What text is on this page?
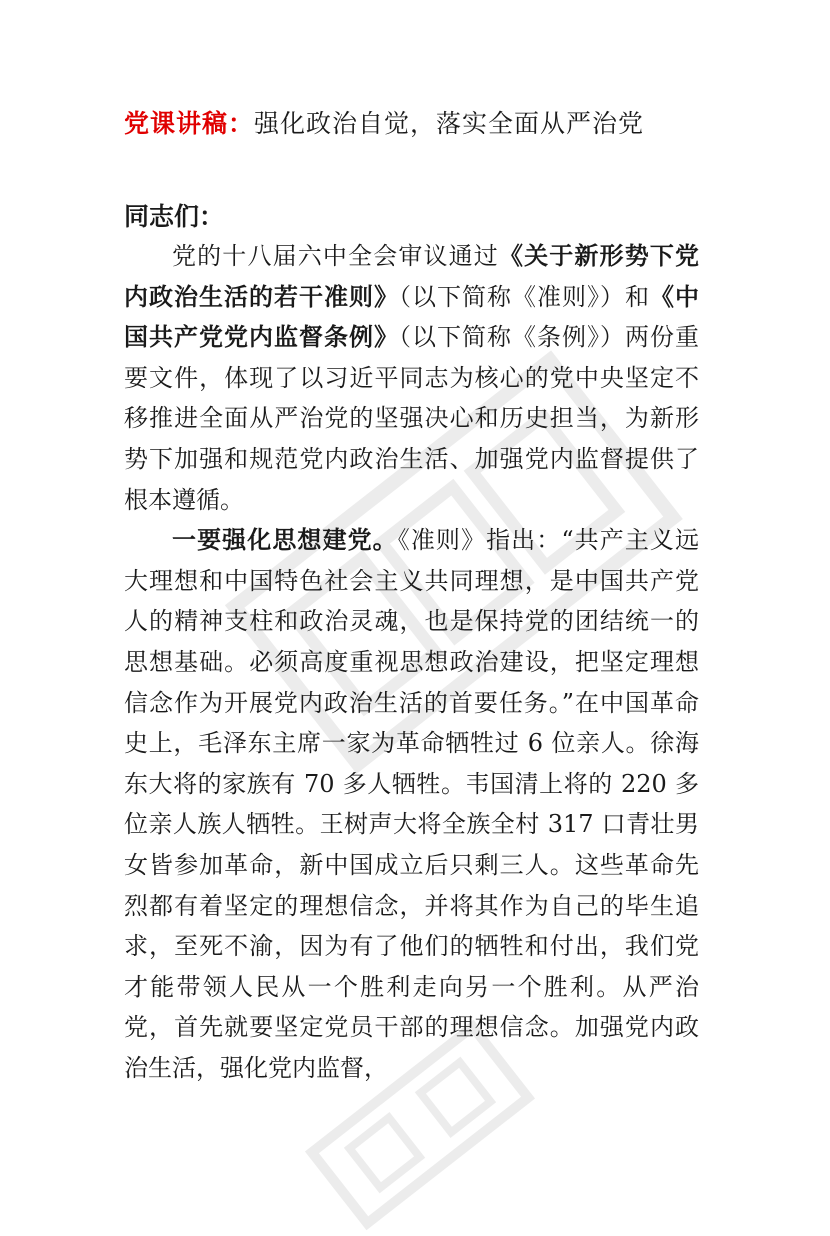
党课讲稿：强化政治自觉，落实全面从严治党
同志们：

党的十八届六中全会审议通过《关于新形势下党内政治生活的若干准则》（以下简称《准则》）和《中国共产党党内监督条例》（以下简称《条例》）两份重要文件，体现了以习近平同志为核心的党中央坚定不移推进全面从严治党的坚强决心和历史担当，为新形势下加强和规范党内政治生活、加强党内监督提供了根本遵循。

一要强化思想建党。《准则》指出：“共产主义远大理想和中国特色社会主义共同理想，是中国共产党人的精神支柱和政治灵魂，也是保持党的团结统一的思想基础。必须高度重视思想政治建设，把坚定理想信念作为开展党内政治生活的首要任务。”在中国革命史上，毛泽东主席一家为革命牺牲过 6 位亲人。徐海东大将的家族有 70 多人牺牲。韦国清上将的 220 多位亲人族人牺牲。王树声大将全族全村 317 口青壮男女皆参加革命，新中国成立后只剩三人。这些革命先烈都有着坚定的理想信念，并将其作为自己的毕生追求，至死不渝，因为有了他们的牺牲和付出，我们党才能带领人民从一个胜利走向另一个胜利。从严治党，首先就要坚定党员干部的理想信念。加强党内政治生活，强化党内监督，
